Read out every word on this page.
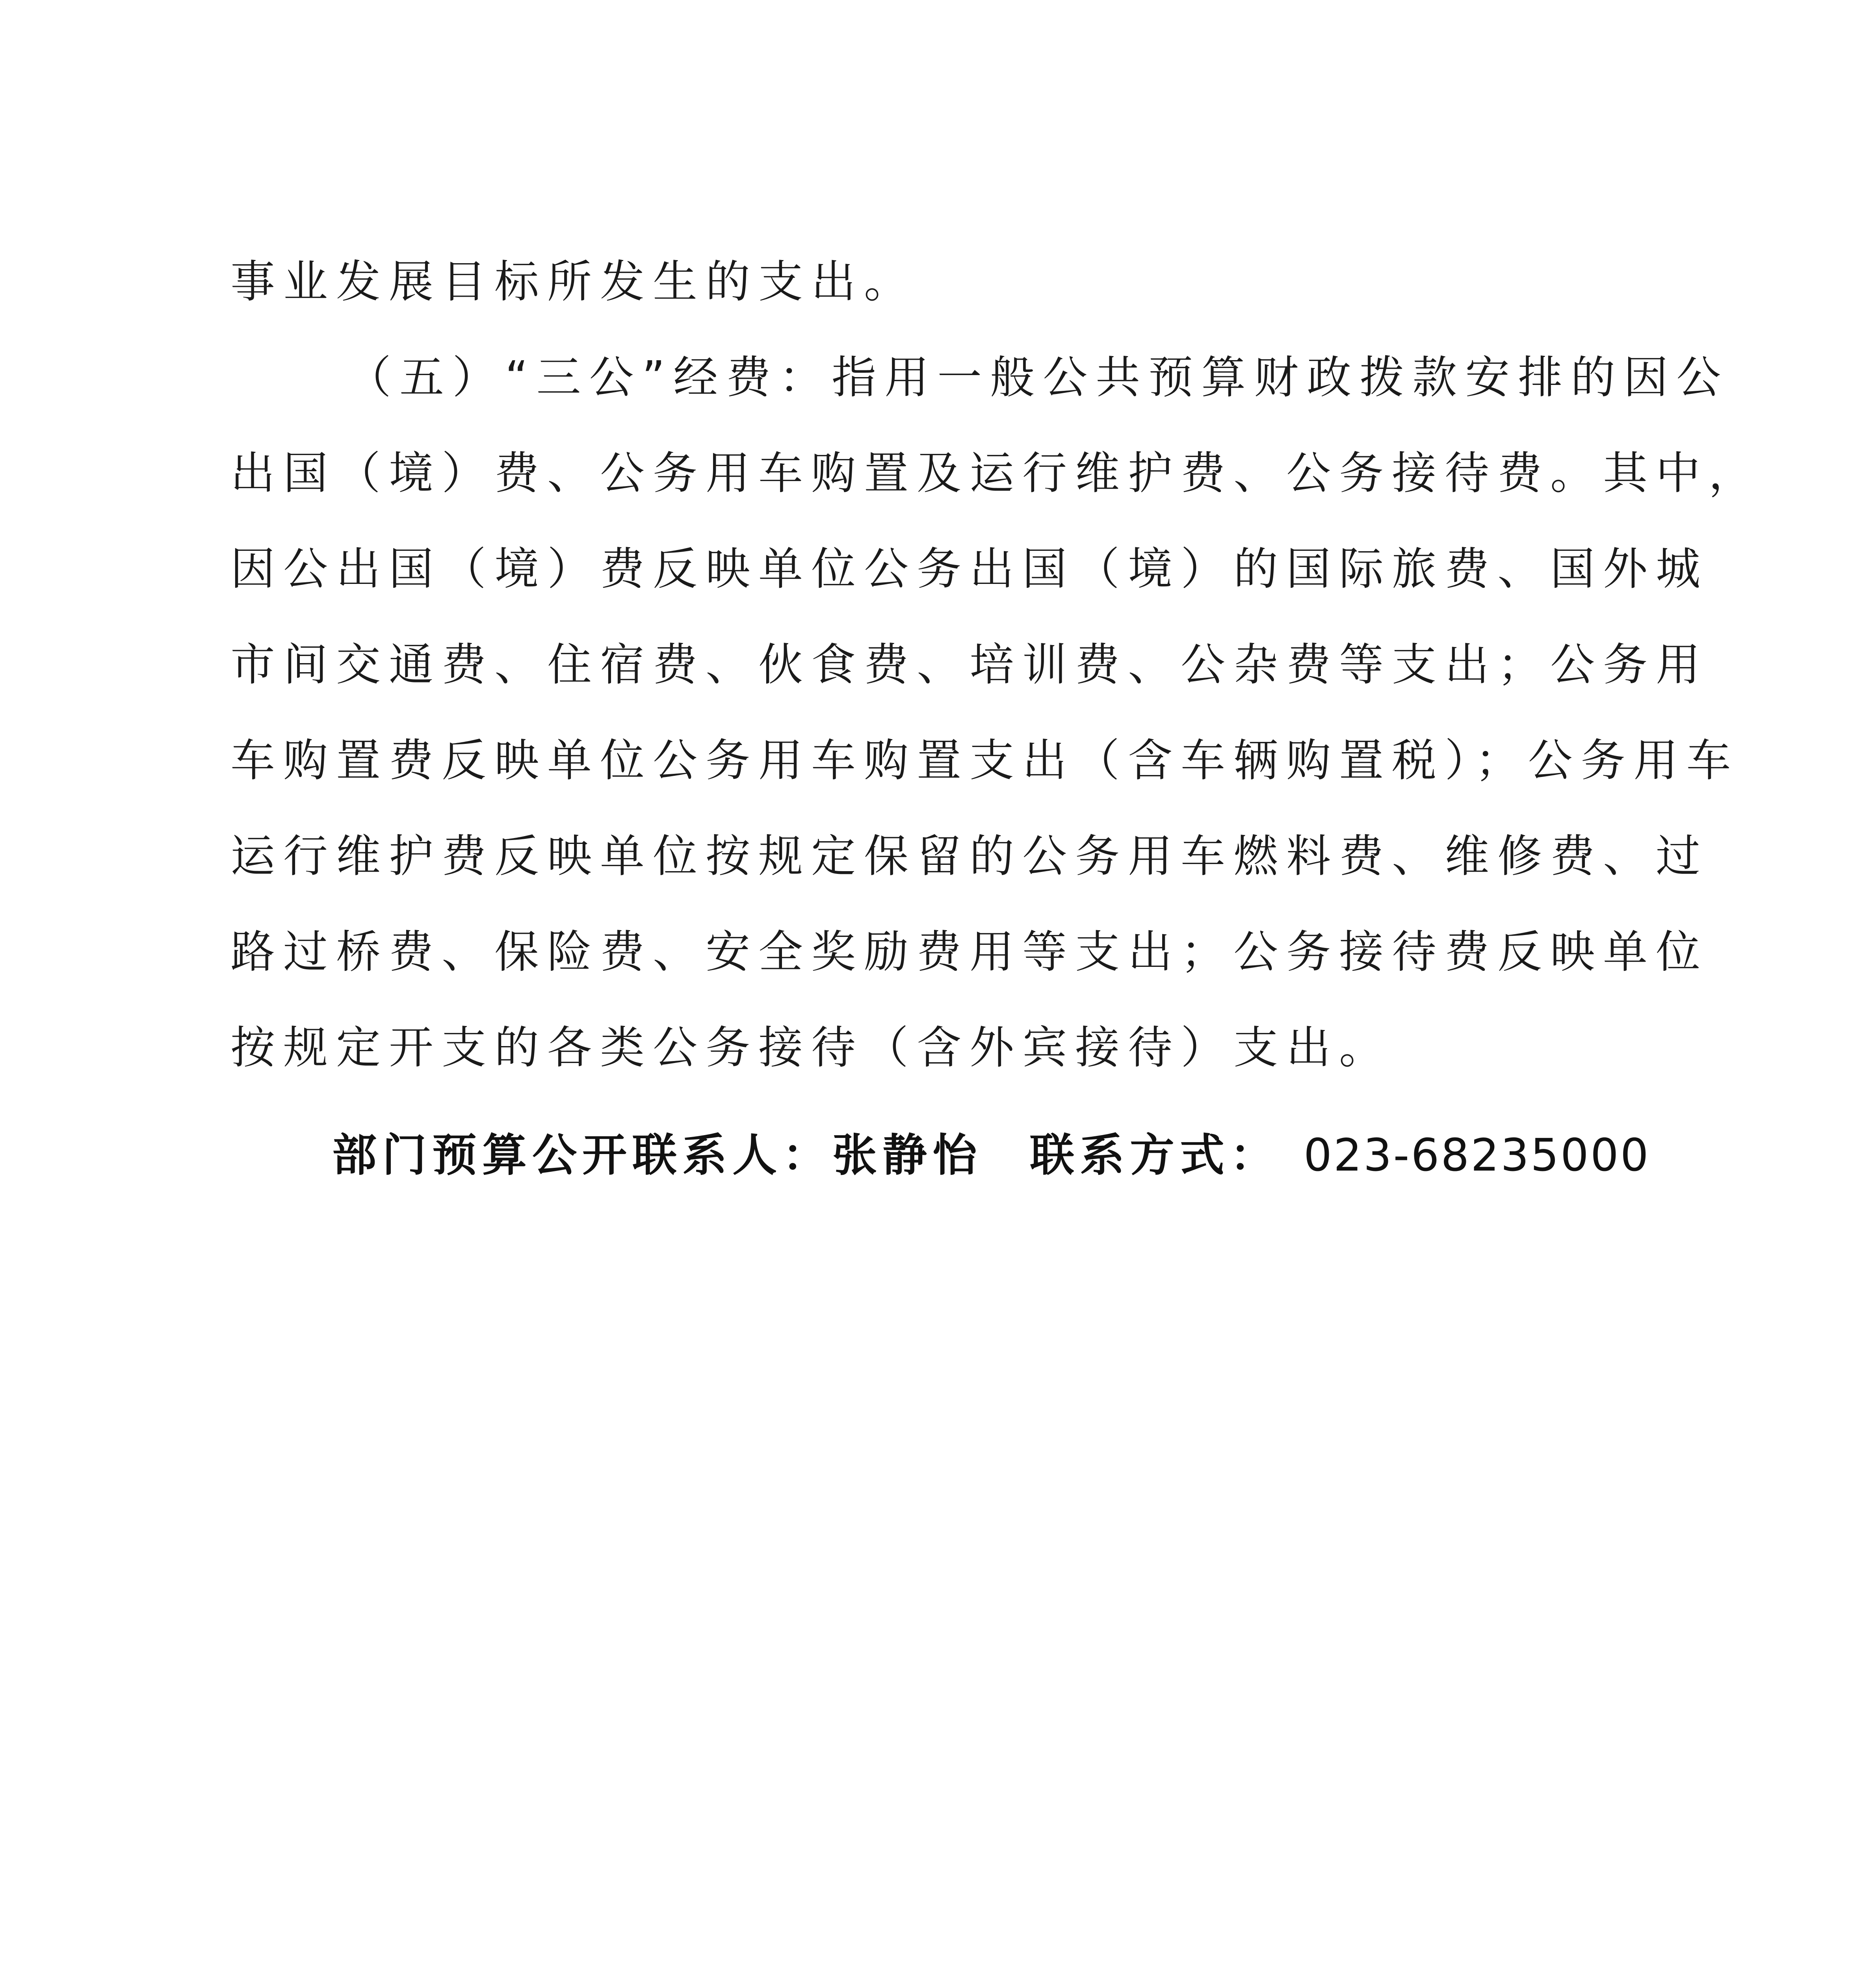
事业发展目标所发生的支出。
（五）“三公”经费：指用一般公共预算财政拨款安排的因公
出国（境）费、公务用车购置及运行维护费、公务接待费。其中，
因公出国（境）费反映单位公务出国（境）的国际旅费、国外城
市间交通费、住宿费、伙食费、培训费、公杂费等支出；公务用
车购置费反映单位公务用车购置支出（含车辆购置税）；公务用车
运行维护费反映单位按规定保留的公务用车燃料费、维修费、过
路过桥费、保险费、安全奖励费用等支出；公务接待费反映单位
按规定开支的各类公务接待（含外宾接待）支出。
部门预算公开联系人：张静怡 联系方式： 023-68235000
